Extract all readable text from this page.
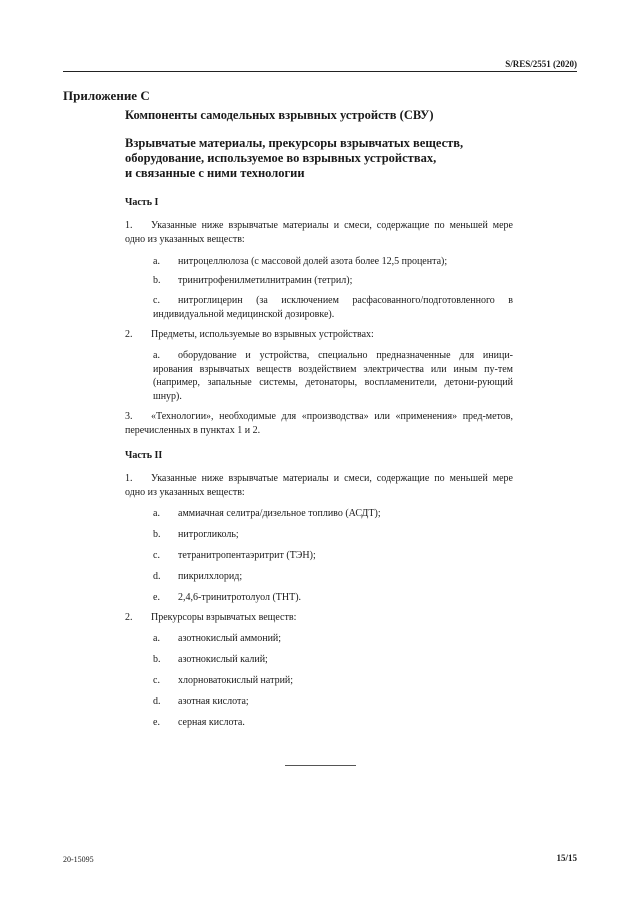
S/RES/2551 (2020)
Приложение С
Компоненты самодельных взрывных устройств (СВУ)
Взрывчатые материалы, прекурсоры взрывчатых веществ,
оборудование, используемое во взрывных устройствах,
и связанные с ними технологии
Часть I
1. Указанные ниже взрывчатые материалы и смеси, содержащие по меньшей мере одно из указанных веществ:
a. нитроцеллюлоза (с массовой долей азота более 12,5 процента);
b. тринитрофенилметилнитрамин (тетрил);
c. нитроглицерин (за исключением расфасованного/подготовленного в индивидуальной медицинской дозировке).
2. Предметы, используемые во взрывных устройствах:
a. оборудование и устройства, специально предназначенные для иници-ирования взрывчатых веществ воздействием электричества или иным пу-тем (например, запальные системы, детонаторы, воспламенители, детони-рующий шнур).
3. «Технологии», необходимые для «производства» или «применения» пред-метов, перечисленных в пунктах 1 и 2.
Часть II
1. Указанные ниже взрывчатые материалы и смеси, содержащие по меньшей мере одно из указанных веществ:
a. аммиачная селитра/дизельное топливо (АСДТ);
b. нитрогликоль;
c. тетранитропентаэритрит (ТЭН);
d. пикрилхлорид;
e. 2,4,6-тринитротолуол (ТНТ).
2. Прекурсоры взрывчатых веществ:
a. азотнокислый аммоний;
b. азотнокислый калий;
c. хлорноватокислый натрий;
d. азотная кислота;
e. серная кислота.
20-15095	15/15
